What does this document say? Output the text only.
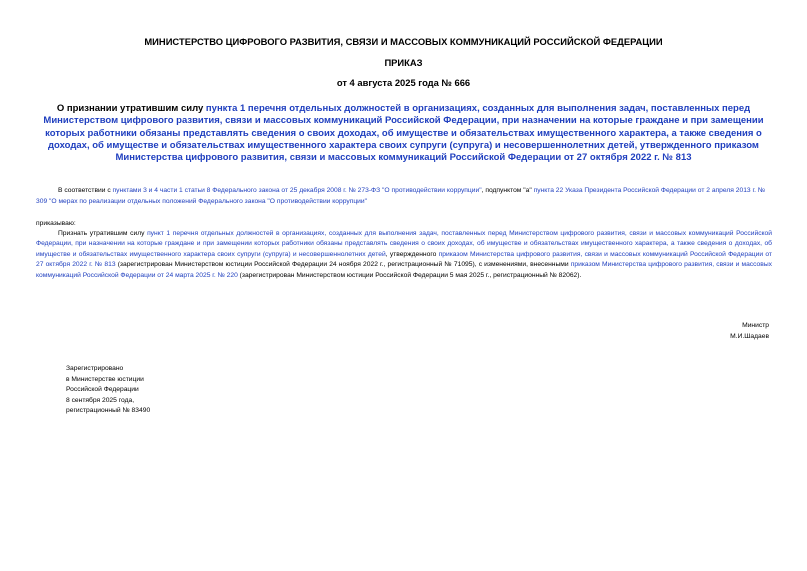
МИНИСТЕРСТВО ЦИФРОВОГО РАЗВИТИЯ, СВЯЗИ И МАССОВЫХ КОММУНИКАЦИЙ РОССИЙСКОЙ ФЕДЕРАЦИИ
ПРИКАЗ
от 4 августа 2025 года № 666
О признании утратившим силу пункта 1 перечня отдельных должностей в организациях, созданных для выполнения задач, поставленных перед Министерством цифрового развития, связи и массовых коммуникаций Российской Федерации, при назначении на которые граждане и при замещении которых работники обязаны представлять сведения о своих доходах, об имуществе и обязательствах имущественного характера, а также сведения о доходах, об имуществе и обязательствах имущественного характера своих супруги (супруга) и несовершеннолетних детей, утвержденного приказом Министерства цифрового развития, связи и массовых коммуникаций Российской Федерации от 27 октября 2022 г. № 813
В соответствии с пунктами 3 и 4 части 1 статьи 8 Федерального закона от 25 декабря 2008 г. № 273-ФЗ "О противодействии коррупции", подпунктом "а" пункта 22 Указа Президента Российской Федерации от 2 апреля 2013 г. № 309 "О мерах по реализации отдельных положений Федерального закона "О противодействии коррупции"
приказываю:
Признать утратившим силу пункт 1 перечня отдельных должностей в организациях, созданных для выполнения задач, поставленных перед Министерством цифрового развития, связи и массовых коммуникаций Российской Федерации, при назначении на которые граждане и при замещении которых работники обязаны представлять сведения о своих доходах, об имуществе и обязательствах имущественного характера, а также сведения о доходах, об имуществе и обязательствах имущественного характера своих супруги (супруга) и несовершеннолетних детей, утвержденного приказом Министерства цифрового развития, связи и массовых коммуникаций Российской Федерации от 27 октября 2022 г. № 813 (зарегистрирован Министерством юстиции Российской Федерации 24 ноября 2022 г., регистрационный № 71095), с изменениями, внесенными приказом Министерства цифрового развития, связи и массовых коммуникаций Российской Федерации от 24 марта 2025 г. № 220 (зарегистрирован Министерством юстиции Российской Федерации 5 мая 2025 г., регистрационный № 82062).
Министр
М.И.Шадаев
Зарегистрировано
в Министерстве юстиции
Российской Федерации
8 сентября 2025 года,
регистрационный № 83490
